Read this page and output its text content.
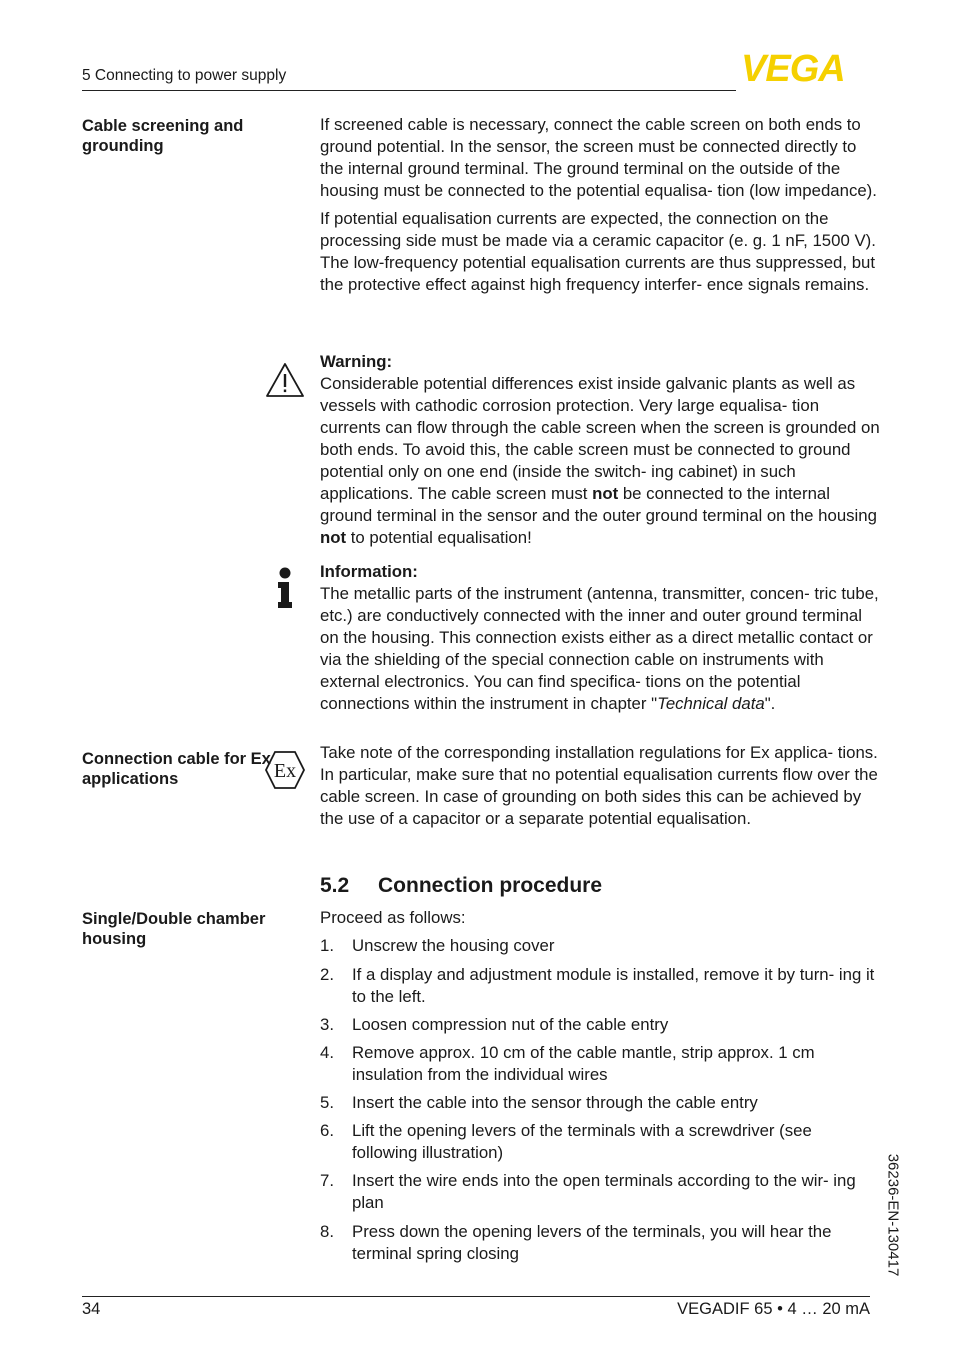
5 Connecting to power supply	VEGA
Cable screening and grounding

If screened cable is necessary, connect the cable screen on both ends to ground potential. In the sensor, the screen must be connected directly to the internal ground terminal. The ground terminal on the outside of the housing must be connected to the potential equalisa- tion (low impedance).

If potential equalisation currents are expected, the connection on the processing side must be made via a ceramic capacitor (e. g. 1 nF, 1500 V). The low-frequency potential equalisation currents are thus suppressed, but the protective effect against high frequency interfer- ence signals remains.

Warning:
Considerable potential differences exist inside galvanic plants as well as vessels with cathodic corrosion protection. Very large equalisa- tion currents can flow through the cable screen when the screen is grounded on both ends. To avoid this, the cable screen must be connected to ground potential only on one end (inside the switch- ing cabinet) in such applications. The cable screen must not be connected to the internal ground terminal in the sensor and the outer ground terminal on the housing not to potential equalisation!

Information:
The metallic parts of the instrument (antenna, transmitter, concen- tric tube, etc.) are conductively connected with the inner and outer ground terminal on the housing. This connection exists either as a direct metallic contact or via the shielding of the special connection cable on instruments with external electronics. You can find specifica- tions on the potential connections within the instrument in chapter "Technical data".

Connection cable for Ex applications	Ex
Take note of the corresponding installation regulations for Ex applica- tions. In particular, make sure that no potential equalisation currents flow over the cable screen. In case of grounding on both sides this can be achieved by the use of a capacitor or a separate potential equalisation.
5.2 Connection procedure
Single/Double chamber housing
Proceed as follows:
1. Unscrew the housing cover
2. If a display and adjustment module is installed, remove it by turn- ing it to the left.
3. Loosen compression nut of the cable entry
4. Remove approx. 10 cm of the cable mantle, strip approx. 1 cm insulation from the individual wires
5. Insert the cable into the sensor through the cable entry
6. Lift the opening levers of the terminals with a screwdriver (see following illustration)
7. Insert the wire ends into the open terminals according to the wir- ing plan
8. Press down the opening levers of the terminals, you will hear the terminal spring closing	36236-EN-130417
34	VEGADIF 65 • 4 … 20 mA
